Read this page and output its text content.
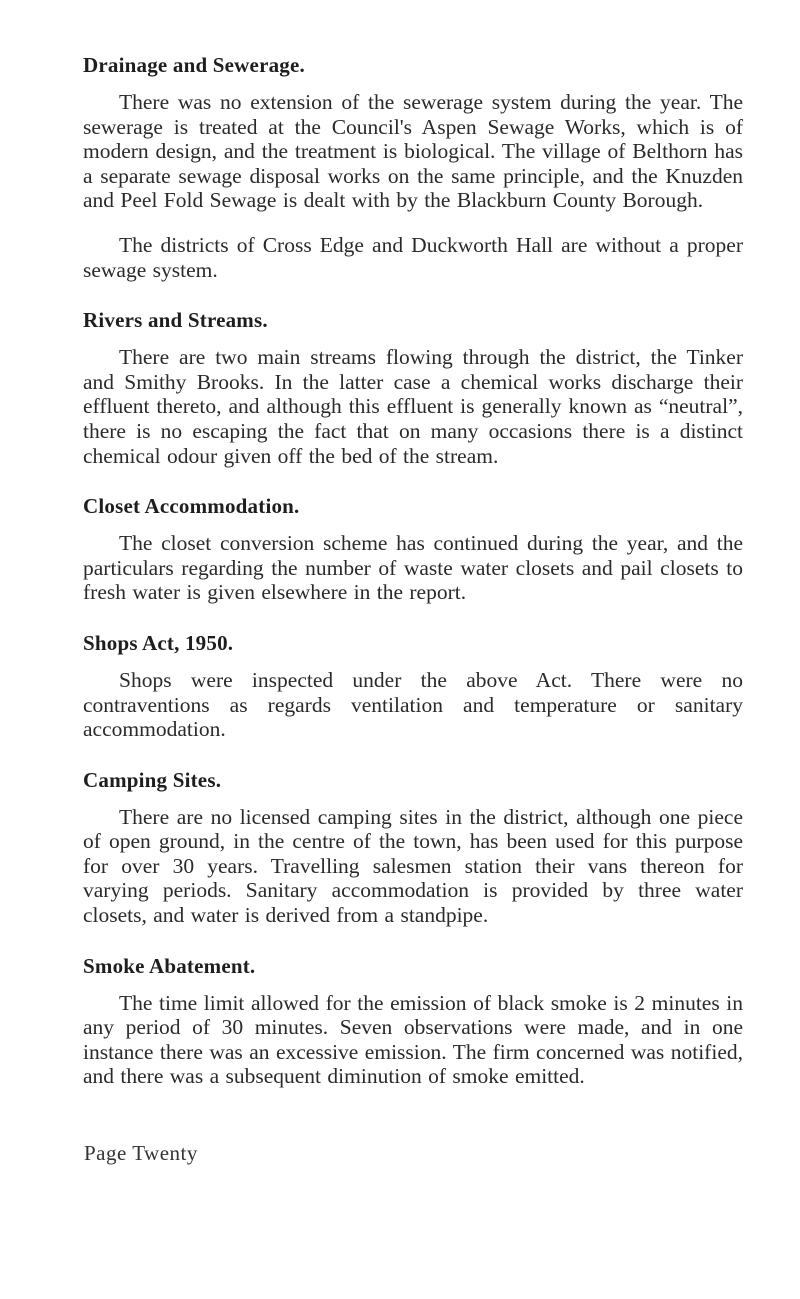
Drainage and Sewerage.

There was no extension of the sewerage system during the year. The sewerage is treated at the Council's Aspen Sewage Works, which is of modern design, and the treatment is biological. The village of Belthorn has a separate sewage disposal works on the same principle, and the Knuzden and Peel Fold Sewage is dealt with by the Blackburn County Borough.

The districts of Cross Edge and Duckworth Hall are without a proper sewage system.

Rivers and Streams.

There are two main streams flowing through the district, the Tinker and Smithy Brooks. In the latter case a chemical works discharge their effluent thereto, and although this effluent is generally known as “neutral”, there is no escaping the fact that on many occasions there is a distinct chemical odour given off the bed of the stream.

Closet Accommodation.

The closet conversion scheme has continued during the year, and the particulars regarding the number of waste water closets and pail closets to fresh water is given elsewhere in the report.

Shops Act, 1950.

Shops were inspected under the above Act. There were no contraventions as regards ventilation and temperature or sanitary accommodation.

Camping Sites.

There are no licensed camping sites in the district, although one piece of open ground, in the centre of the town, has been used for this purpose for over 30 years. Travelling salesmen station their vans thereon for varying periods. Sanitary accommodation is provided by three water closets, and water is derived from a standpipe.

Smoke Abatement.

The time limit allowed for the emission of black smoke is 2 minutes in any period of 30 minutes. Seven observations were made, and in one instance there was an excessive emission. The firm concerned was notified, and there was a subsequent diminution of smoke emitted.

Page Twenty
